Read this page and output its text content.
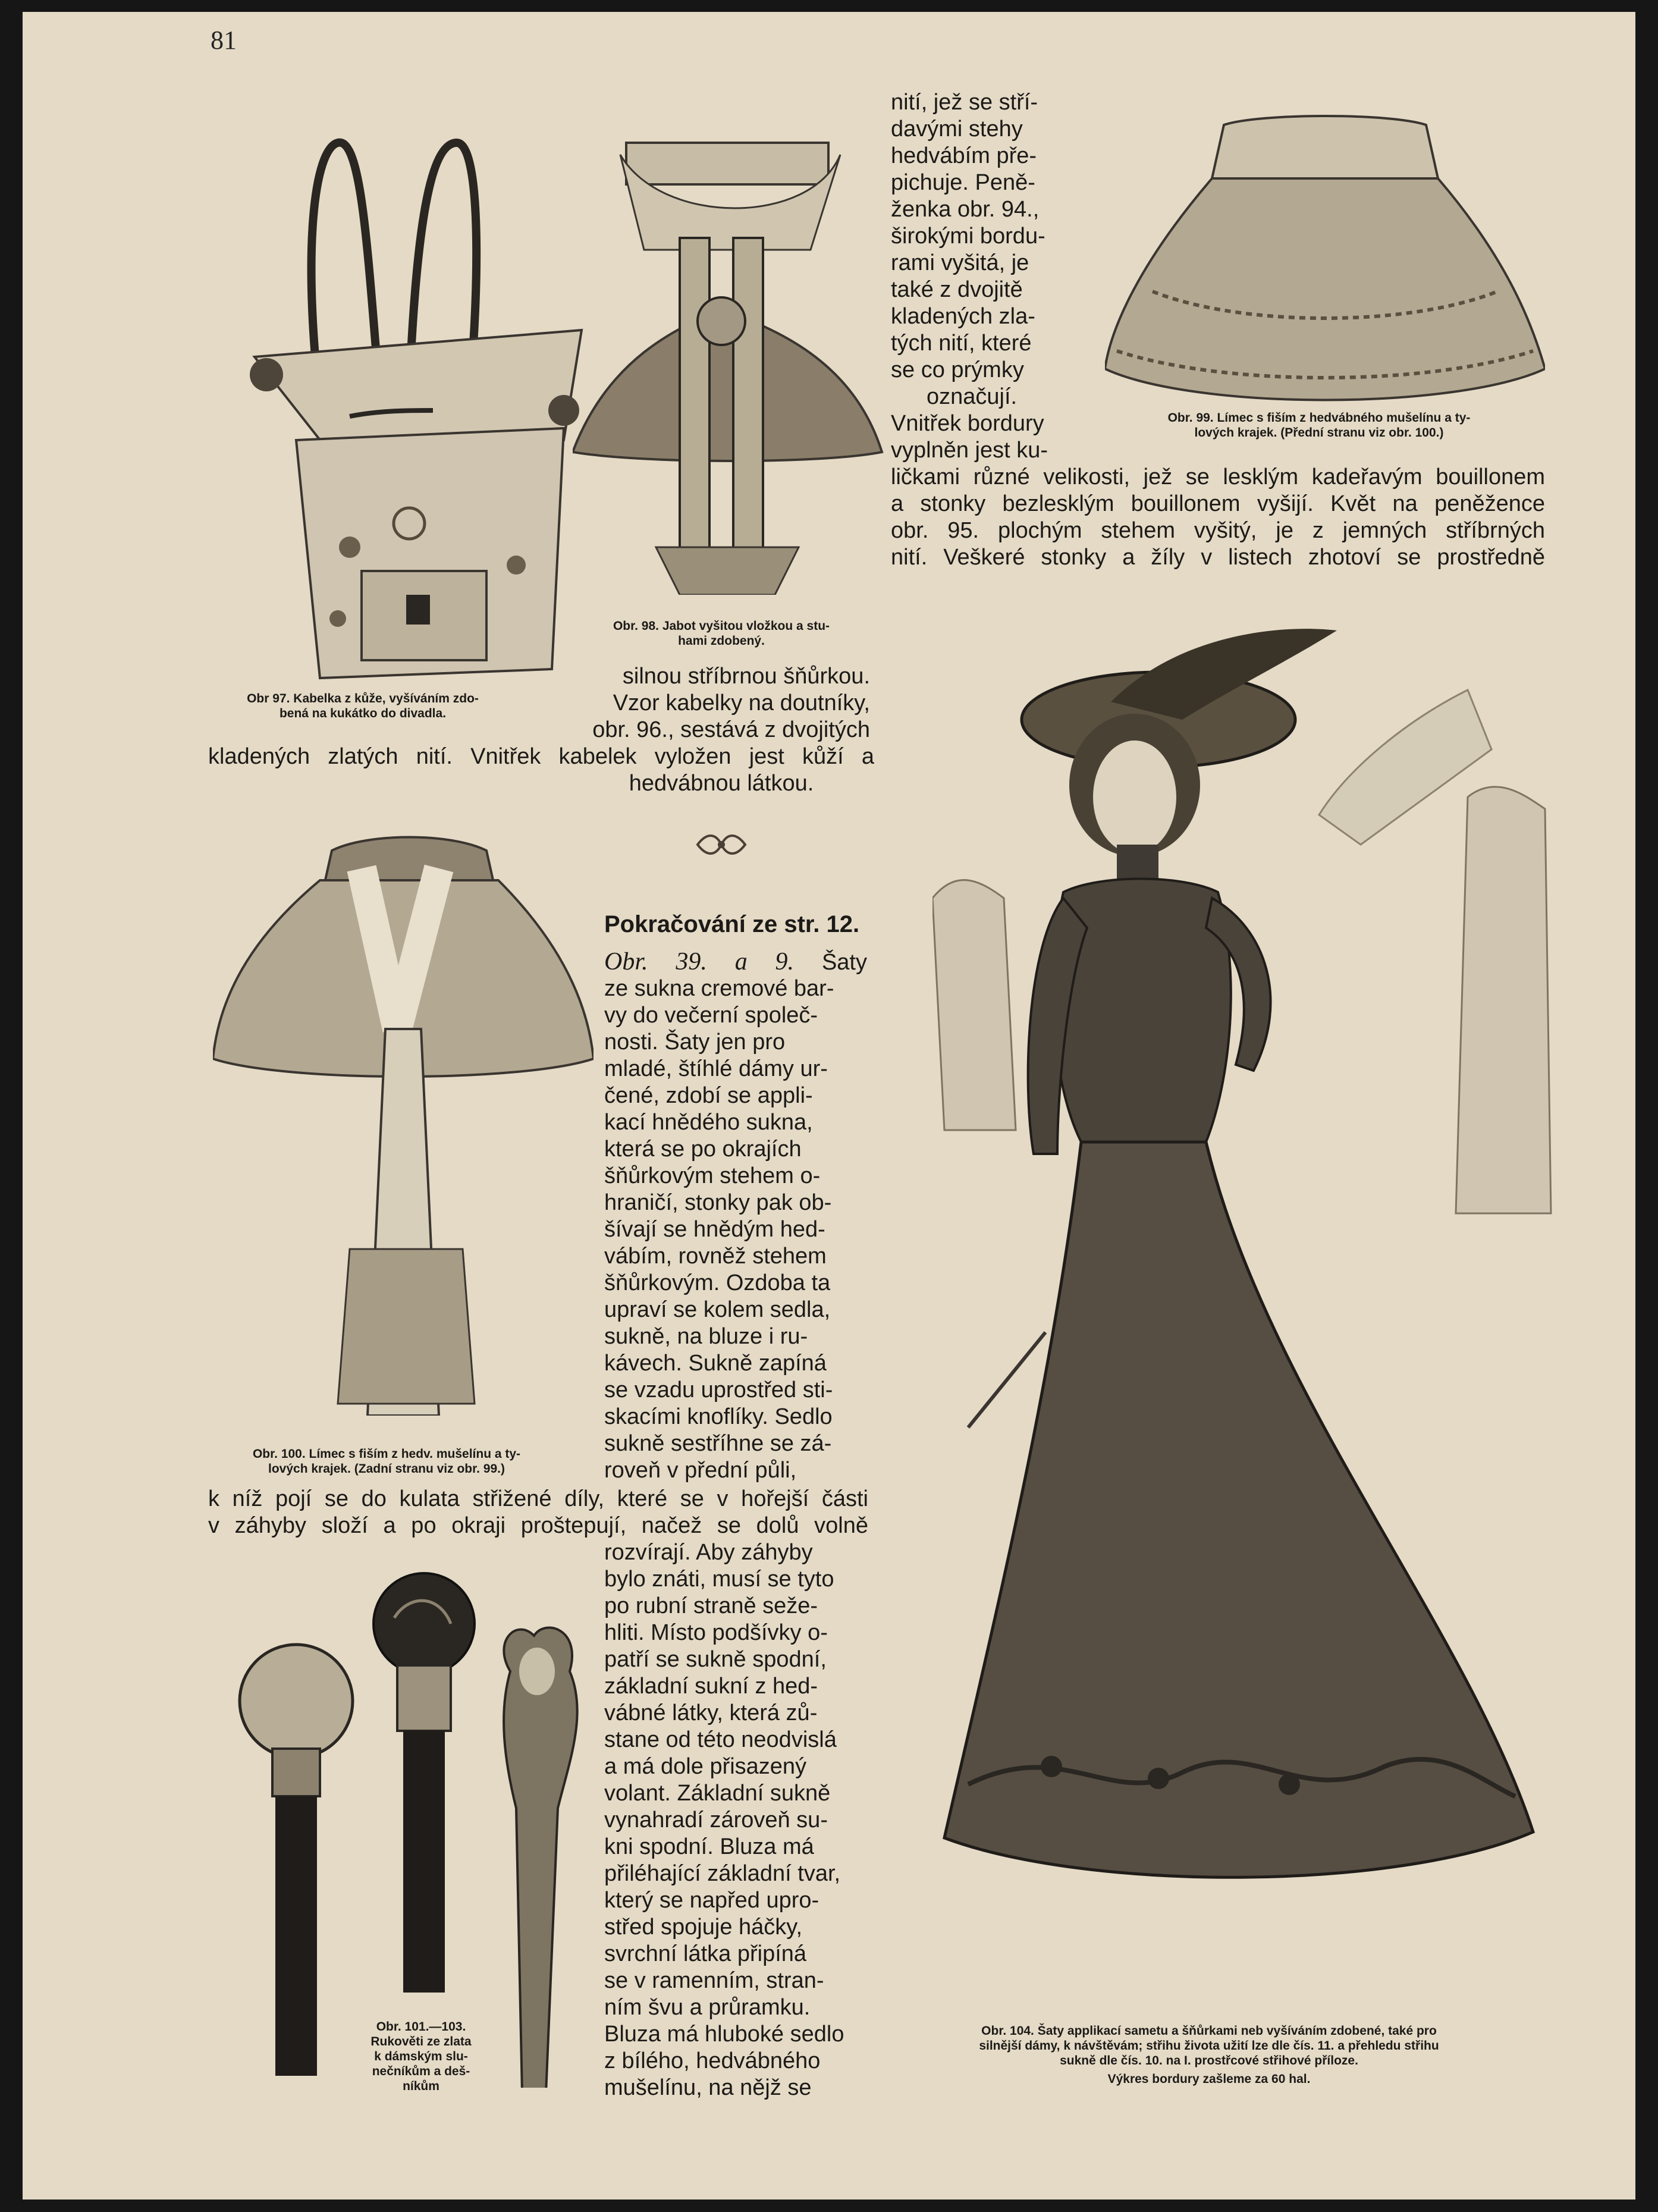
81
Obr 97. Kabelka z kůže, vyšíváním zdo-
bená na kukátko do divadla.
Obr. 98. Jabot vyšitou vložkou a stu-
hami zdobený.

nití, jež se stří-

davými stehy

hedvábím pře-

pichuje. Peně-

ženka obr. 94.,

širokými bordu-

rami vyšitá, je

také z dvojitě

kladených zla-

tých nití, které

se co prýmky

označují.

Vnitřek bordury

vyplněn jest ku-

Obr. 99. Límec s fiším z hedvábného mušelínu a ty-
lových krajek. (Přední stranu viz obr. 100.)

ličkami různé velikosti, jež se lesklým kadeřavým bouillonem

a stonky bezlesklým bouillonem vyšijí. Květ na peněžence

obr. 95. plochým stehem vyšitý, je z jemných stříbrných

nití. Veškeré stonky a žíly v listech zhotoví se prostředně

silnou stříbrnou šňůrkou.

Vzor kabelky na doutníky,

obr. 96., sestává z dvojitých

kladených zlatých nití. Vnitřek kabelek vyložen jest kůží a

hedvábnou látkou.

Obr. 100. Límec s fiším z hedv. mušelínu a ty-
lových krajek. (Zadní stranu viz obr. 99.)
Pokračování ze str. 12.

Obr. 39. a 9. Šaty

ze sukna cremové bar-

vy do večerní společ-

nosti. Šaty jen pro

mladé, štíhlé dámy ur-

čené, zdobí se appli-

kací hnědého sukna,

která se po okrajích

šňůrkovým stehem o-

hraničí, stonky pak ob-

šívají se hnědým hed-

vábím, rovněž stehem

šňůrkovým. Ozdoba ta

upraví se kolem sedla,

sukně, na bluze i ru-

kávech. Sukně zapíná

se vzadu uprostřed sti-

skacími knoflíky. Sedlo

sukně sestříhne se zá-

roveň v přední půli,

k níž pojí se do kulata střižené díly, které se v hořejší části

v záhyby složí a po okraji proštepují, načež se dolů volně

rozvírají. Aby záhyby

bylo znáti, musí se tyto

po rubní straně sežе-

hliti. Místo podšívky o-

patří se sukně spodní,

základní sukní z hed-

vábné látky, která zů-

stane od této neodvislá

a má dole přisazený

volant. Základní sukně

vynahradí zároveň su-

kni spodní. Bluza má

přiléhající základní tvar,

který se napřed upro-

střed spojuje háčky,

svrchní látka připíná

se v ramenním, stran-

ním švu a průramku.

Bluza má hluboké sedlo

z bílého, hedvábného

mušelínu, na nějž se

Obr. 101.—103.
Rukověti ze zlata
k dámským slu-
nečníkům a deš-
níkům
Obr. 104. Šaty applikací sametu a šňůrkami neb vyšíváním zdobené, také pro
silnější dámy, k návštěvám; střihu života užití lze dle čís. 11. a přehledu střihu
sukně dle čís. 10. na I. prostřcové střihové příloze.
Výkres bordury zašleme za 60 hal.
